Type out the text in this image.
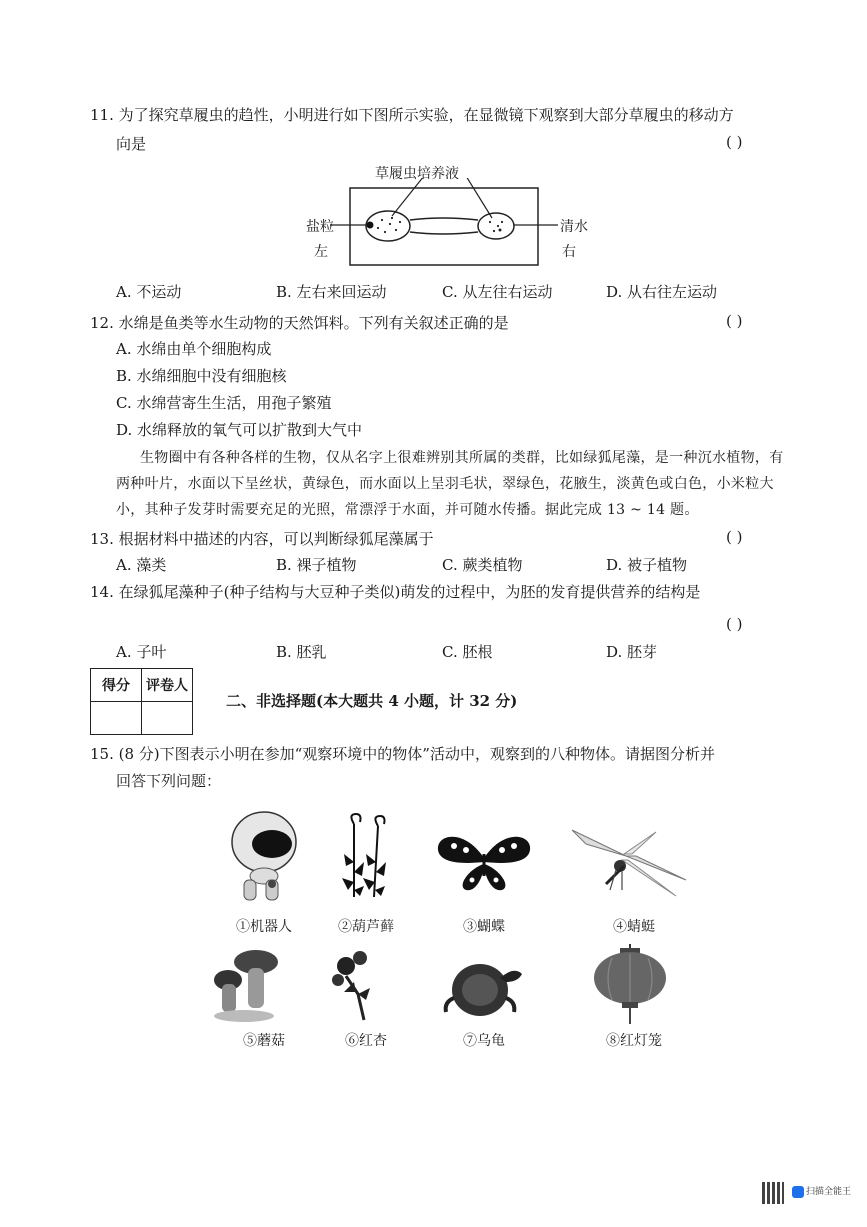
11. 为了探究草履虫的趋性，小明进行如下图所示实验，在显微镜下观察到大部分草履虫的移动方
向是	( )
草履虫培养液
盐粒
左
清水
右
A. 不运动	B. 左右来回运动	C. 从左往右运动	D. 从右往左运动
12. 水绵是鱼类等水生动物的天然饵料。下列有关叙述正确的是	( )
A. 水绵由单个细胞构成
B. 水绵细胞中没有细胞核
C. 水绵营寄生生活，用孢子繁殖
D. 水绵释放的氧气可以扩散到大气中
生物圈中有各种各样的生物，仅从名字上很难辨别其所属的类群，比如绿狐尾藻，是一种沉水植物，有两种叶片，水面以下呈丝状，黄绿色，而水面以上呈羽毛状，翠绿色，花腋生，淡黄色或白色，小米粒大小，其种子发芽时需要充足的光照，常漂浮于水面，并可随水传播。据此完成 13 ~ 14 题。
13. 根据材料中描述的内容，可以判断绿狐尾藻属于	( )
A. 藻类	B. 裸子植物	C. 蕨类植物	D. 被子植物
14. 在绿狐尾藻种子(种子结构与大豆种子类似)萌发的过程中，为胚的发育提供营养的结构是
( )
A. 子叶	B. 胚乳	C. 胚根	D. 胚芽
得分	评卷人

二、非选择题(本大题共 4 小题，计 32 分)
15. (8 分)下图表示小明在参加“观察环境中的物体”活动中，观察到的八种物体。请据图分析并
回答下列问题：
①机器人	②葫芦藓	③蝴蝶	④蜻蜓
⑤蘑菇	⑥红杏	⑦乌龟	⑧红灯笼
扫描全能王
